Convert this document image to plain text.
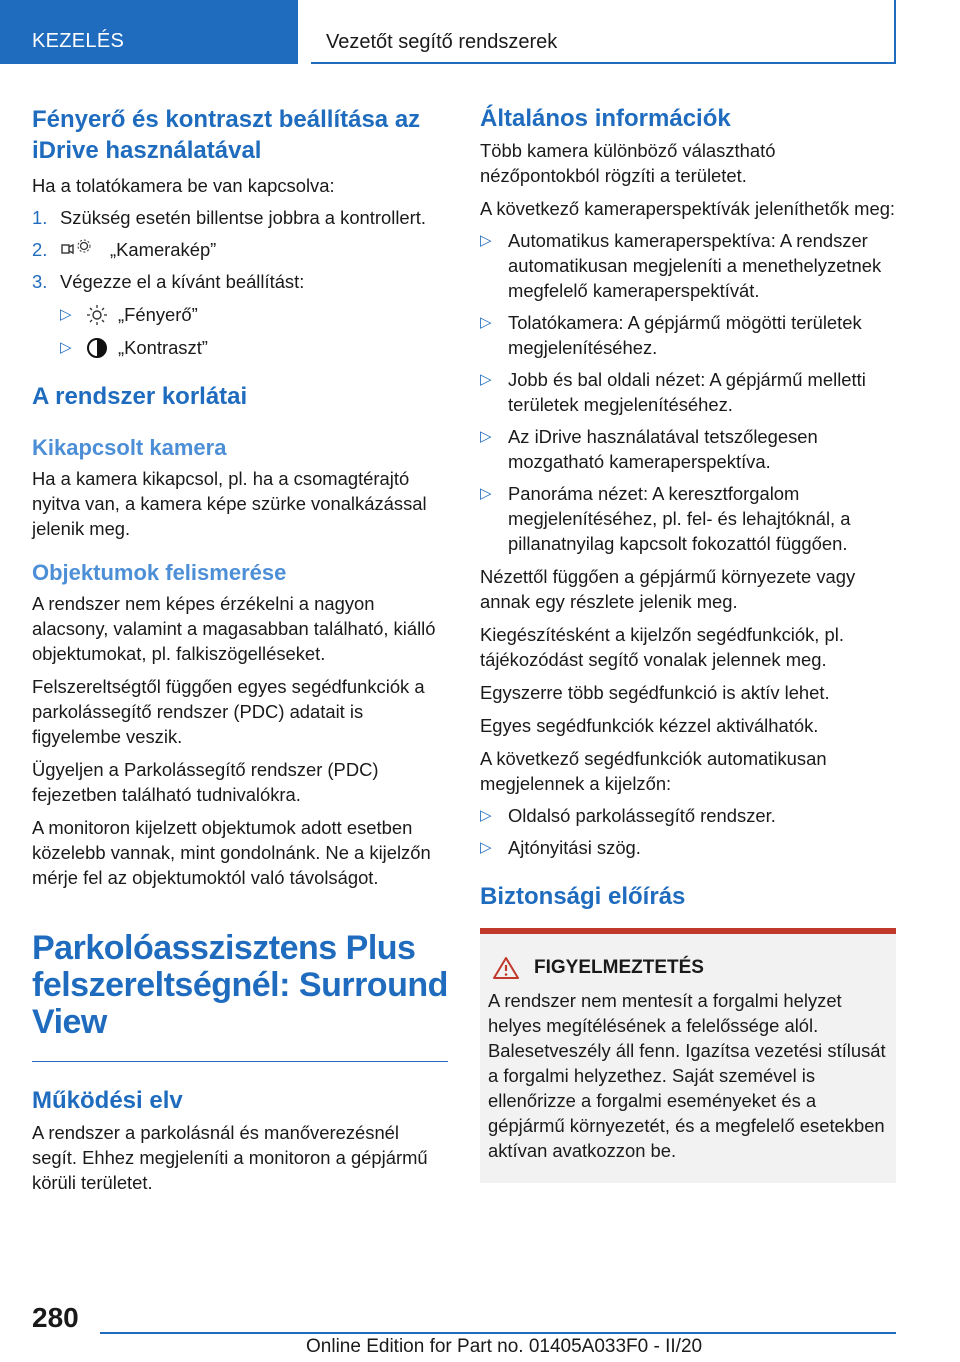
KEZELÉS	Vezetőt segítő rendszerek
Fényerő és kontraszt beállítása az iDrive használatával

Ha a tolatókamera be van kapcsolva:

1. Szükség esetén billentse jobbra a kontrollert.
2.	„Kamerakép”
3. Végezze el a kívánt beállítást:
▷	„Fényerő”
▷	„Kontraszt”
A rendszer korlátai
Kikapcsolt kamera

Ha a kamera kikapcsol, pl. ha a csomagtérajtó nyitva van, a kamera képe szürke vonalkázással jelenik meg.

Objektumok felismerése

A rendszer nem képes érzékelni a nagyon alacsony, valamint a magasabban található, kiálló objektumokat, pl. falkiszögelléseket.

Felszereltségtől függően egyes segédfunkciók a parkolássegítő rendszer (PDC) adatait is figyelembe veszik.

Ügyeljen a Parkolássegítő rendszer (PDC) fejezetben található tudnivalókra.

A monitoron kijelzett objektumok adott esetben közelebb vannak, mint gondolnánk. Ne a kijelzőn mérje fel az objektumoktól való távolságot.

Parkolóasszisztens Plus felszereltségnél: Surround View
Működési elv

A rendszer a parkolásnál és manőverezésnél segít. Ehhez megjeleníti a monitoron a gépjármű körüli területet.

Általános információk

Több kamera különböző választható nézőpontokból rögzíti a területet.

A következő kameraperspektívák jeleníthetők meg:

▷ Automatikus kameraperspektíva: A rendszer automatikusan megjeleníti a menethelyzetnek megfelelő kameraperspektívát.
▷ Tolatókamera: A gépjármű mögötti területek megjelenítéséhez.
▷ Jobb és bal oldali nézet: A gépjármű melletti területek megjelenítéséhez.
▷ Az iDrive használatával tetszőlegesen mozgatható kameraperspektíva.
▷ Panoráma nézet: A keresztforgalom megjelenítéséhez, pl. fel- és lehajtóknál, a pillanatnyilag kapcsolt fokozattól függően.

Nézettől függően a gépjármű környezete vagy annak egy részlete jelenik meg.

Kiegészítésként a kijelzőn segédfunkciók, pl. tájékozódást segítő vonalak jelennek meg.

Egyszerre több segédfunkció is aktív lehet.

Egyes segédfunkciók kézzel aktiválhatók.

A következő segédfunkciók automatikusan megjelennek a kijelzőn:

▷ Oldalsó parkolássegítő rendszer.
▷ Ajtónyitási szög.
Biztonsági előírás
FIGYELMEZTETÉS

A rendszer nem mentesít a forgalmi helyzet helyes megítélésének a felelőssége alól. Balesetveszély áll fenn. Igazítsa vezetési stílusát a forgalmi helyzethez. Saját szemével is ellenőrizze a forgalmi eseményeket és a gépjármű környezetét, és a megfelelő esetekben aktívan avatkozzon be.

280
Online Edition for Part no. 01405A033F0 - II/20
